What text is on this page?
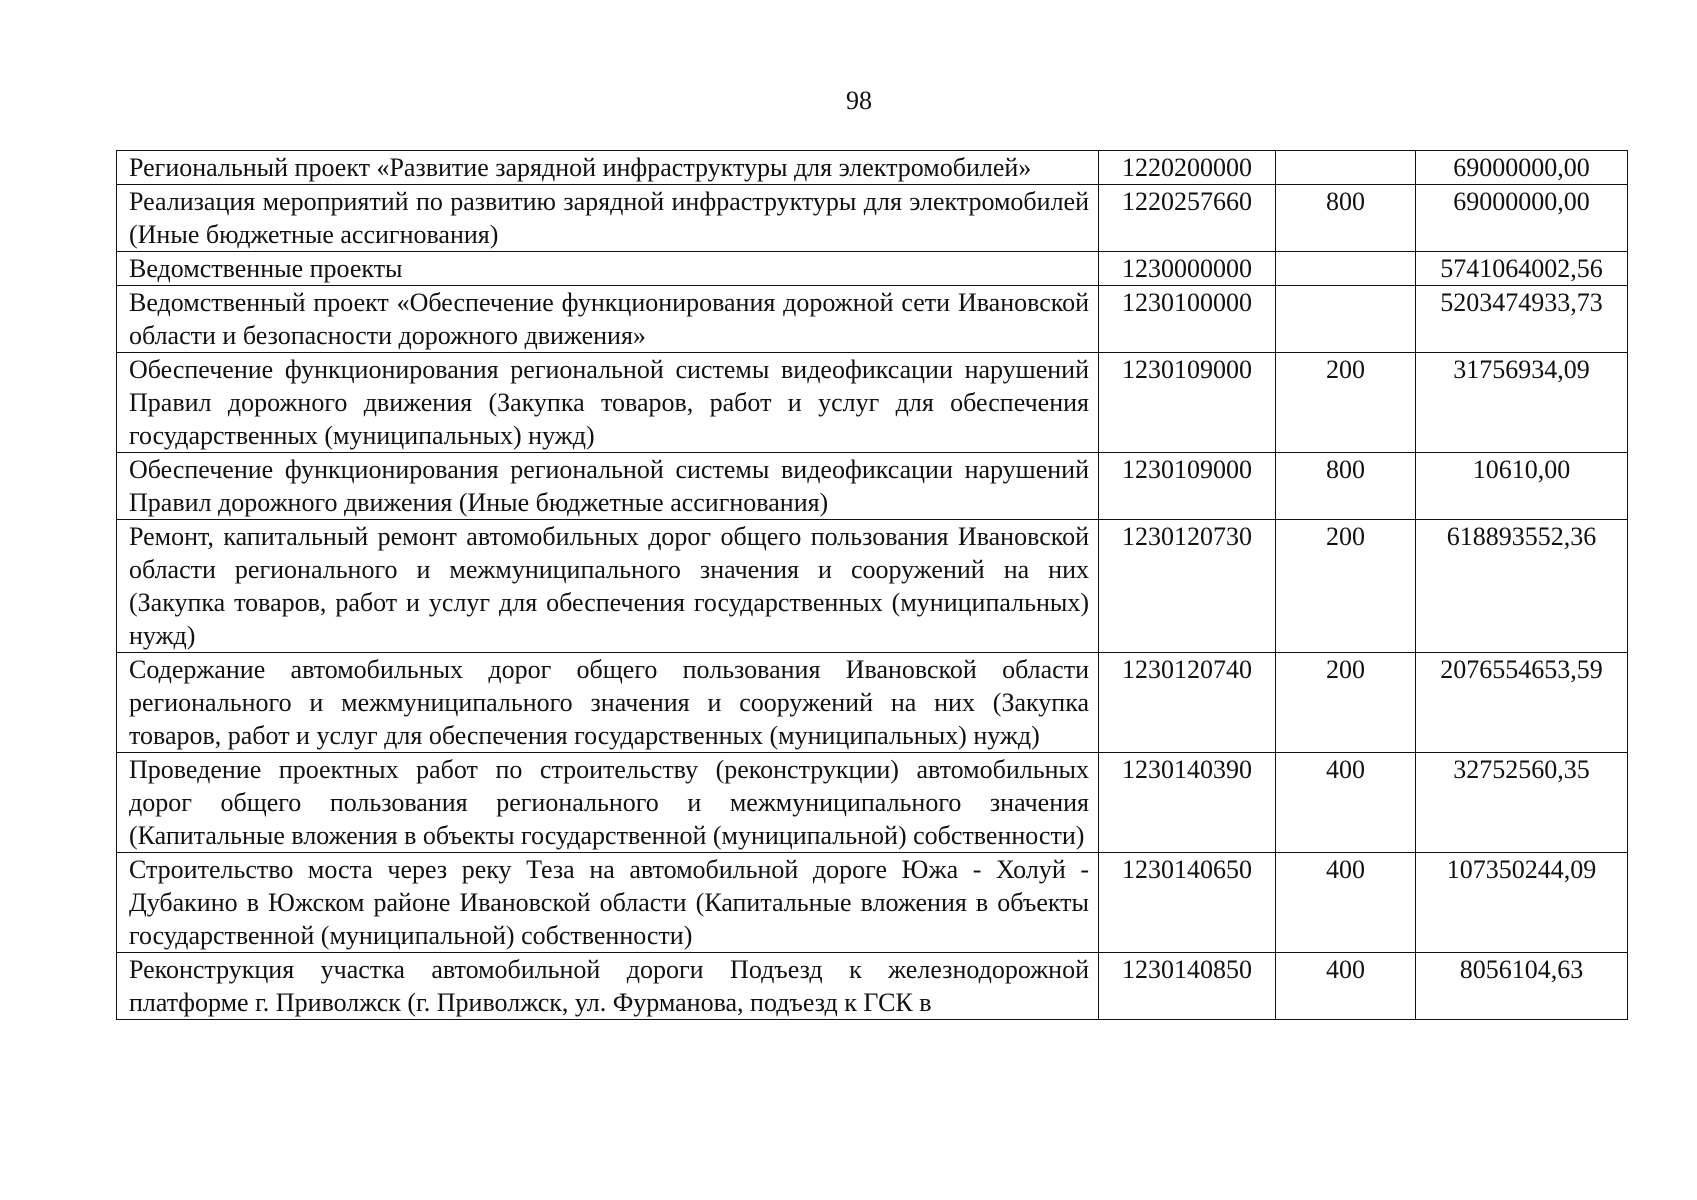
98
Региональный проект «Развитие зарядной инфраструктуры для электромобилей»	1220200000		69000000,00
Реализация мероприятий по развитию зарядной инфраструктуры для электромобилей (Иные бюджетные ассигнования)	1220257660	800	69000000,00
Ведомственные проекты	1230000000		5741064002,56
Ведомственный проект «Обеспечение функционирования дорожной сети Ивановской области и безопасности дорожного движения»	1230100000		5203474933,73
Обеспечение функционирования региональной системы видеофиксации нарушений Правил дорожного движения (Закупка товаров, работ и услуг для обеспечения государственных (муниципальных) нужд)	1230109000	200	31756934,09
Обеспечение функционирования региональной системы видеофиксации нарушений Правил дорожного движения (Иные бюджетные ассигнования)	1230109000	800	10610,00
Ремонт, капитальный ремонт автомобильных дорог общего пользования Ивановской области регионального и межмуниципального значения и сооружений на них (Закупка товаров, работ и услуг для обеспечения государственных (муниципальных) нужд)	1230120730	200	618893552,36
Содержание автомобильных дорог общего пользования Ивановской области регионального и межмуниципального значения и сооружений на них (Закупка товаров, работ и услуг для обеспечения государственных (муниципальных) нужд)	1230120740	200	2076554653,59
Проведение проектных работ по строительству (реконструкции) автомобильных дорог общего пользования регионального и межмуниципального значения (Капитальные вложения в объекты государственной (муниципальной) собственности)	1230140390	400	32752560,35
Строительство моста через реку Теза на автомобильной дороге Южа - Холуй - Дубакино в Южском районе Ивановской области (Капитальные вложения в объекты государственной (муниципальной) собственности)	1230140650	400	107350244,09

Реконструкция участка автомобильной дороги Подъезд к железнодорожной платформе г. Приволжск (г. Приволжск, ул. Фурманова, подъезд к ГСК в	1230140850	400	8056104,63
